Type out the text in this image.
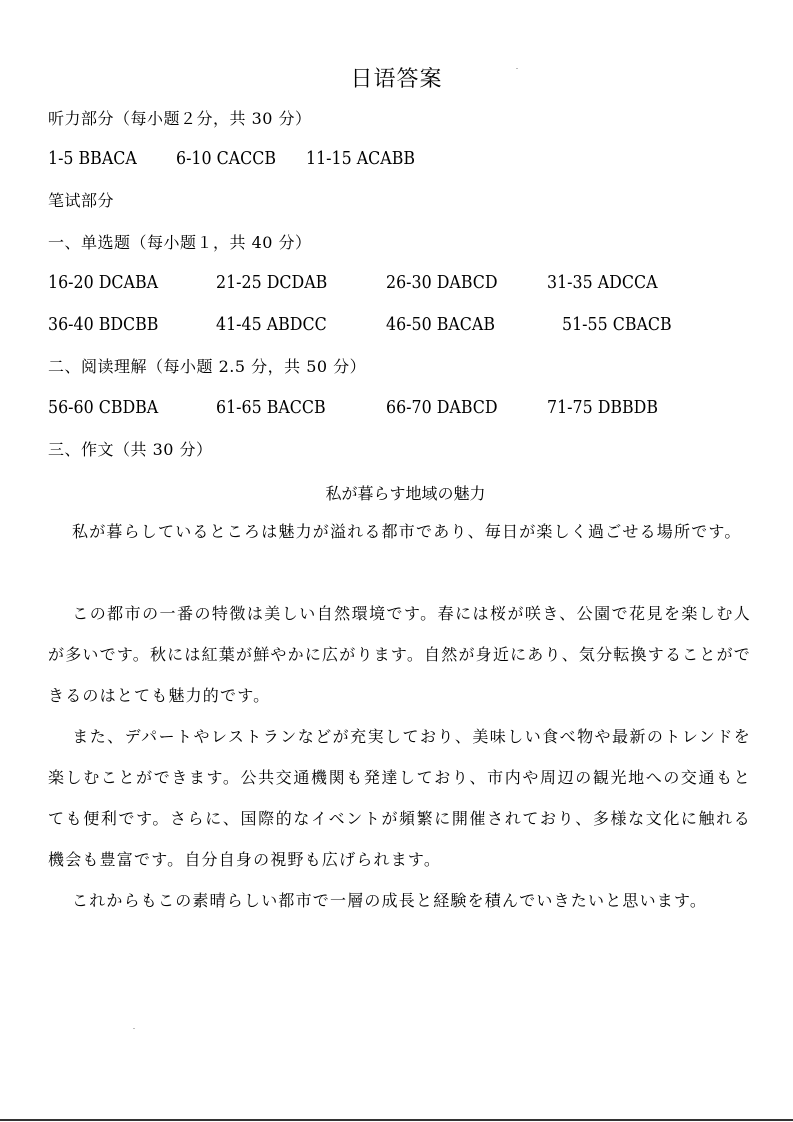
日语答案
听力部分（每小题２分，共 30 分）
1-5 BBACA 6-10 CACCB 11-15 ACABB
笔试部分
一、单选题（每小题１，共 40 分）
16-20 DCABA	21-25 DCDAB	26-30 DABCD	31-35 ADCCA
36-40 BDCBB	41-45 ABDCC	46-50 BACAB	51-55 CBACB
二、阅读理解（每小题 2.5 分，共 50 分）
56-60 CBDBA	61-65 BACCB	66-70 DABCD	71-75 DBBDB
三、作文（共 30 分）
私が暮らす地域の魅力
私が暮らしているところは魅力が溢れる都市であり、毎日が楽しく過ごせる場所です。
この都市の一番の特徴は美しい自然環境です。春には桜が咲き、公園で花見を楽しむ人が多いです。秋には紅葉が鮮やかに広がります。自然が身近にあり、気分転換することができるのはとても魅力的です。
また、デパートやレストランなどが充実しており、美味しい食べ物や最新のトレンドを楽しむことができます。公共交通機関も発達しており、市内や周辺の観光地への交通もとても便利です。さらに、国際的なイベントが頻繁に開催されており、多様な文化に触れる機会も豊富です。自分自身の視野も広げられます。
これからもこの素晴らしい都市で一層の成長と経験を積んでいきたいと思います。
